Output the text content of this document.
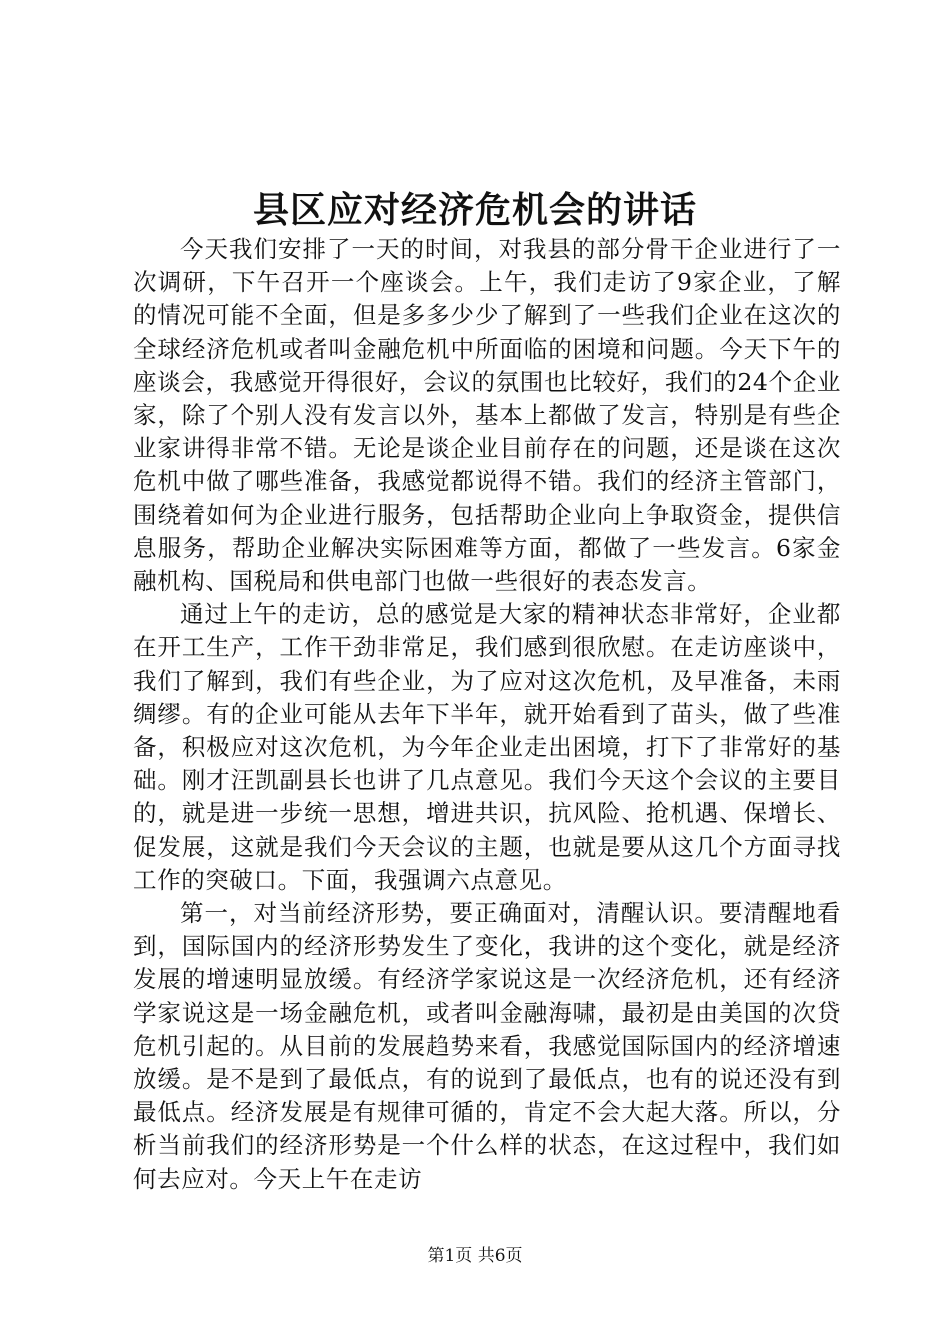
县区应对经济危机会的讲话

今天我们安排了一天的时间，对我县的部分骨干企业进行了一次调研，下午召开一个座谈会。上午，我们走访了9家企业，了解的情况可能不全面，但是多多少少了解到了一些我们企业在这次的全球经济危机或者叫金融危机中所面临的困境和问题。今天下午的座谈会，我感觉开得很好，会议的氛围也比较好，我们的24个企业家，除了个别人没有发言以外，基本上都做了发言，特别是有些企业家讲得非常不错。无论是谈企业目前存在的问题，还是谈在这次危机中做了哪些准备，我感觉都说得不错。我们的经济主管部门，围绕着如何为企业进行服务，包括帮助企业向上争取资金，提供信息服务，帮助企业解决实际困难等方面，都做了一些发言。6家金融机构、国税局和供电部门也做一些很好的表态发言。

通过上午的走访，总的感觉是大家的精神状态非常好，企业都在开工生产，工作干劲非常足，我们感到很欣慰。在走访座谈中，我们了解到，我们有些企业，为了应对这次危机，及早准备，未雨绸缪。有的企业可能从去年下半年，就开始看到了苗头，做了些准备，积极应对这次危机，为今年企业走出困境，打下了非常好的基础。刚才汪凯副县长也讲了几点意见。我们今天这个会议的主要目的，就是进一步统一思想，增进共识，抗风险、抢机遇、保增长、促发展，这就是我们今天会议的主题，也就是要从这几个方面寻找工作的突破口。下面，我强调六点意见。

第一，对当前经济形势，要正确面对，清醒认识。要清醒地看到，国际国内的经济形势发生了变化，我讲的这个变化，就是经济发展的增速明显放缓。有经济学家说这是一次经济危机，还有经济学家说这是一场金融危机，或者叫金融海啸，最初是由美国的次贷危机引起的。从目前的发展趋势来看，我感觉国际国内的经济增速放缓。是不是到了最低点，有的说到了最低点，也有的说还没有到最低点。经济发展是有规律可循的，肯定不会大起大落。所以，分析当前我们的经济形势是一个什么样的状态，在这过程中，我们如何去应对。今天上午在走访

第1页 共6页
